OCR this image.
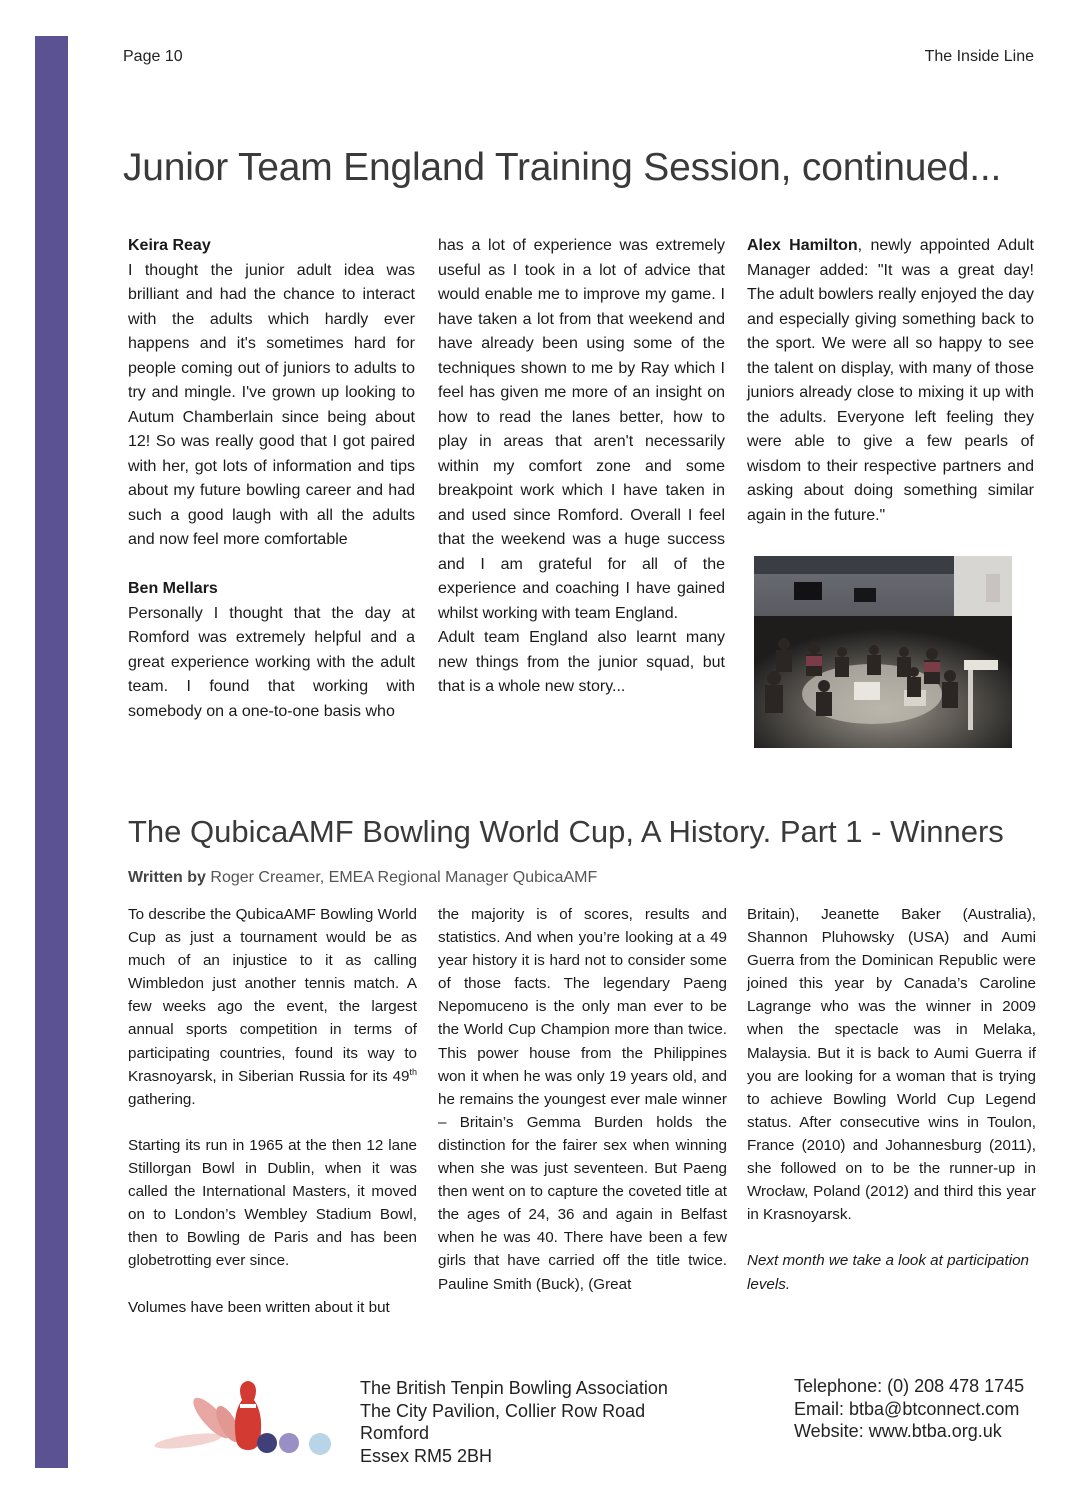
Page 10	The Inside Line
Junior Team England Training Session, continued...

Keira Reay

I thought the junior adult idea was brilliant and had the chance to interact with the adults which hardly ever happens and it's sometimes hard for people coming out of juniors to adults to try and mingle. I've grown up looking to Autum Chamberlain since being about 12! So was really good that I got paired with her, got lots of information and tips about my future bowling career and had such a good laugh with all the adults and now feel more comfortable

Ben Mellars

Personally I thought that the day at Romford was extremely helpful and a great experience working with the adult team. I found that working with somebody on a one-to-one basis who

has a lot of experience was extremely useful as I took in a lot of advice that would enable me to improve my game. I have taken a lot from that weekend and have already been using some of the techniques shown to me by Ray which I feel has given me more of an insight on how to read the lanes better, how to play in areas that aren't necessarily within my comfort zone and some breakpoint work which I have taken in and used since Romford. Overall I feel that the weekend was a huge success and I am grateful for all of the experience and coaching I have gained whilst working with team England.

Adult team England also learnt many new things from the junior squad, but that is a whole new story...

Alex Hamilton, newly appointed Adult Manager added: "It was a great day! The adult bowlers really enjoyed the day and especially giving something back to the sport. We were all so happy to see the talent on display, with many of those juniors already close to mixing it up with the adults. Everyone left feeling they were able to give a few pearls of wisdom to their respective partners and asking about doing something similar again in the future."

The QubicaAMF Bowling World Cup, A History. Part 1 - Winners
Written by Roger Creamer, EMEA Regional Manager QubicaAMF

To describe the QubicaAMF Bowling World Cup as just a tournament would be as much of an injustice to it as calling Wimbledon just another tennis match. A few weeks ago the event, the largest annual sports competition in terms of participating countries, found its way to Krasnoyarsk, in Siberian Russia for its 49th gathering.

Starting its run in 1965 at the then 12 lane Stillorgan Bowl in Dublin, when it was called the International Masters, it moved on to London’s Wembley Stadium Bowl, then to Bowling de Paris and has been globetrotting ever since.

Volumes have been written about it but

the majority is of scores, results and statistics. And when you’re looking at a 49 year history it is hard not to consider some of those facts. The legendary Paeng Nepomuceno is the only man ever to be the World Cup Champion more than twice. This power house from the Philippines won it when he was only 19 years old, and he remains the youngest ever male winner – Britain’s Gemma Burden holds the distinction for the fairer sex when winning when she was just seventeen. But Paeng then went on to capture the coveted title at the ages of 24, 36 and again in Belfast when he was 40. There have been a few girls that have carried off the title twice. Pauline Smith (Buck), (Great

Britain), Jeanette Baker (Australia), Shannon Pluhowsky (USA) and Aumi Guerra from the Dominican Republic were joined this year by Canada’s Caroline Lagrange who was the winner in 2009 when the spectacle was in Melaka, Malaysia. But it is back to Aumi Guerra if you are looking for a woman that is trying to achieve Bowling World Cup Legend status. After consecutive wins in Toulon, France (2010) and Johannesburg (2011), she followed on to be the runner-up in Wrocław, Poland (2012) and third this year in Krasnoyarsk.

Next month we take a look at participation levels.

The British Tenpin Bowling Association
The City Pavilion, Collier Row Road
Romford
Essex RM5 2BH
Telephone: (0) 208 478 1745
Email: btba@btconnect.com
Website: www.btba.org.uk
